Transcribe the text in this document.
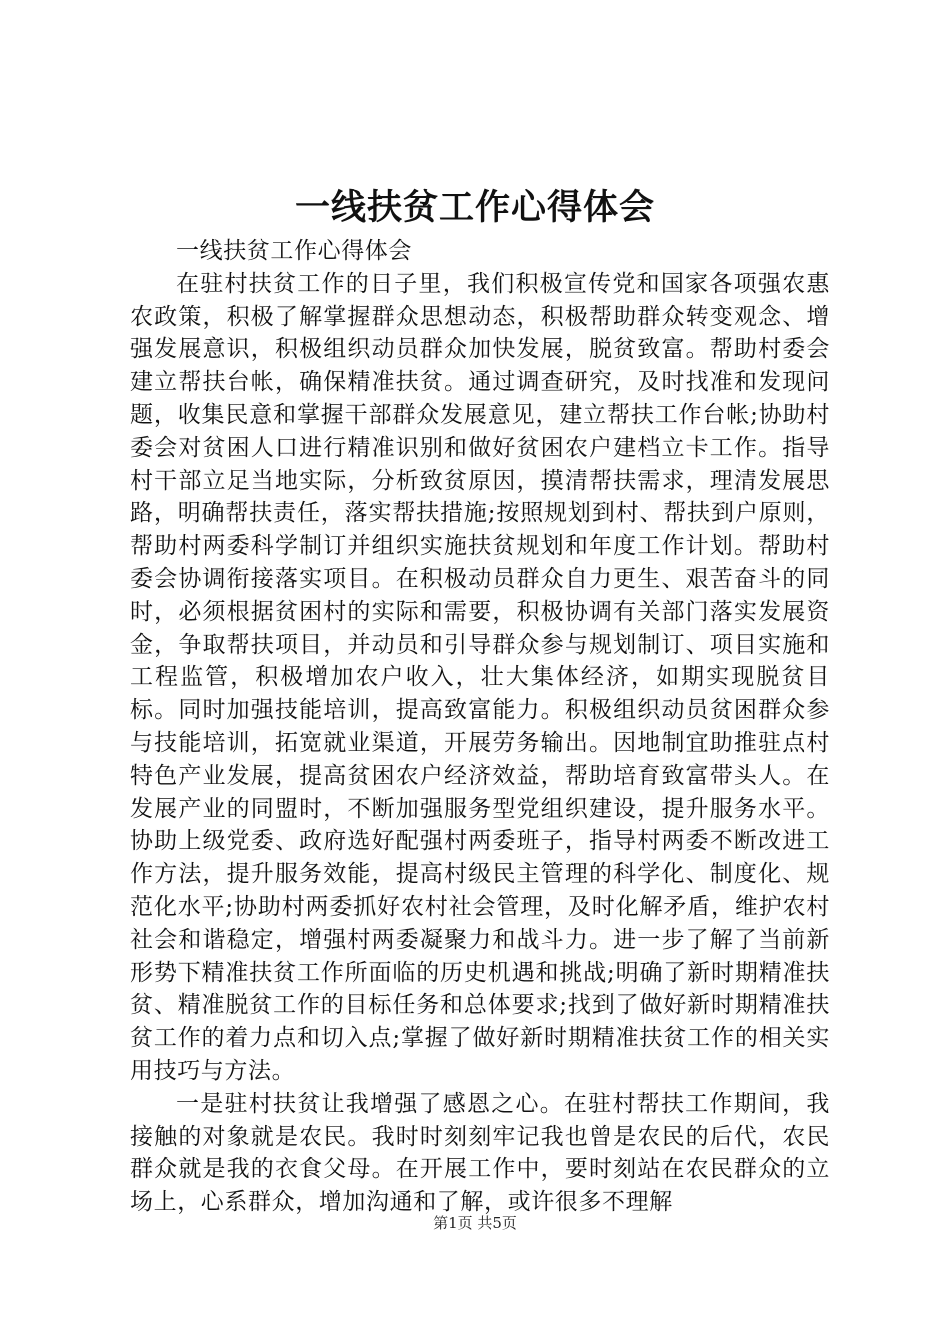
一线扶贫工作心得体会

一线扶贫工作心得体会

在驻村扶贫工作的日子里，我们积极宣传党和国家各项强农惠农政策，积极了解掌握群众思想动态，积极帮助群众转变观念、增强发展意识，积极组织动员群众加快发展，脱贫致富。帮助村委会建立帮扶台帐，确保精准扶贫。通过调查研究，及时找准和发现问题，收集民意和掌握干部群众发展意见，建立帮扶工作台帐;协助村委会对贫困人口进行精准识别和做好贫困农户建档立卡工作。指导村干部立足当地实际，分析致贫原因，摸清帮扶需求，理清发展思路，明确帮扶责任，落实帮扶措施;按照规划到村、帮扶到户原则，帮助村两委科学制订并组织实施扶贫规划和年度工作计划。帮助村委会协调衔接落实项目。在积极动员群众自力更生、艰苦奋斗的同时，必须根据贫困村的实际和需要，积极协调有关部门落实发展资金，争取帮扶项目，并动员和引导群众参与规划制订、项目实施和工程监管，积极增加农户收入，壮大集体经济，如期实现脱贫目标。同时加强技能培训，提高致富能力。积极组织动员贫困群众参与技能培训，拓宽就业渠道，开展劳务输出。因地制宜助推驻点村特色产业发展，提高贫困农户经济效益，帮助培育致富带头人。在发展产业的同盟时，不断加强服务型党组织建设，提升服务水平。协助上级党委、政府选好配强村两委班子，指导村两委不断改进工作方法，提升服务效能，提高村级民主管理的科学化、制度化、规范化水平;协助村两委抓好农村社会管理，及时化解矛盾，维护农村社会和谐稳定，增强村两委凝聚力和战斗力。进一步了解了当前新形势下精准扶贫工作所面临的历史机遇和挑战;明确了新时期精准扶贫、精准脱贫工作的目标任务和总体要求;找到了做好新时期精准扶贫工作的着力点和切入点;掌握了做好新时期精准扶贫工作的相关实用技巧与方法。

一是驻村扶贫让我增强了感恩之心。在驻村帮扶工作期间，我接触的对象就是农民。我时时刻刻牢记我也曾是农民的后代，农民群众就是我的衣食父母。在开展工作中，要时刻站在农民群众的立场上，心系群众，增加沟通和了解，或许很多不理解

第1页 共5页
